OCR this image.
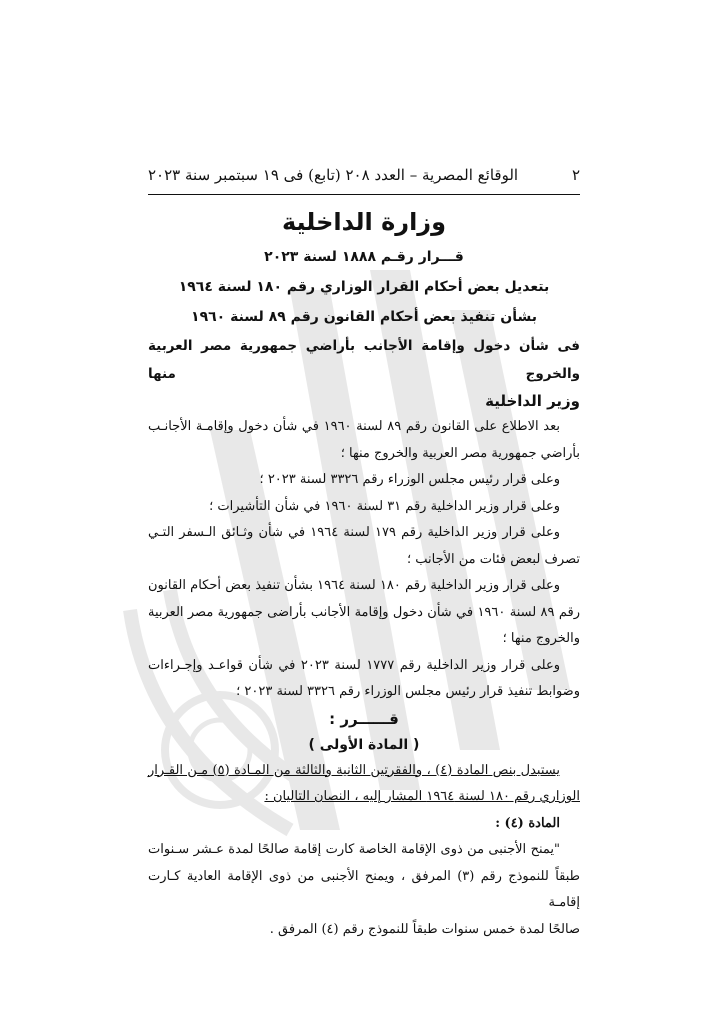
٢
الوقائع المصرية – العدد ٢٠٨ (تابع) فى ١٩ سبتمبر سنة ٢٠٢٣
وزارة الداخلية
قـــرار رقـم ١٨٨٨ لسنة ٢٠٢٣
بتعديل بعض أحكام القرار الوزاري رقم ١٨٠ لسنة ١٩٦٤
بشأن تنفيذ بعض أحكام القانون رقم ٨٩ لسنة ١٩٦٠
فى شأن دخول وإقامة الأجانب بأراضي جمهورية مصر العربية والخروج منها
وزير الداخلية

بعد الاطلاع على القانون رقم ٨٩ لسنة ١٩٦٠ في شأن دخول وإقامـة الأجانـب

بأراضي جمهورية مصر العربية والخروج منها ؛

وعلى قرار رئيس مجلس الوزراء رقم ٣٣٢٦ لسنة ٢٠٢٣ ؛

وعلى قرار وزير الداخلية رقم ٣١ لسنة ١٩٦٠ في شأن التأشيرات ؛

وعلى قرار وزير الداخلية رقم ١٧٩ لسنة ١٩٦٤ في شأن وثـائق الـسفر التـي

تصرف لبعض فئات من الأجانب ؛

وعلى قرار وزير الداخلية رقم ١٨٠ لسنة ١٩٦٤ بشأن تنفيذ بعض أحكام القانون

رقم ٨٩ لسنة ١٩٦٠ في شأن دخول وإقامة الأجانب بأراضى جمهورية مصر العربية

والخروج منها ؛

وعلى قرار وزير الداخلية رقم ١٧٧٧ لسنة ٢٠٢٣ في شأن قواعـد وإجـراءات

وضوابط تنفيذ قرار رئيس مجلس الوزراء رقم ٣٣٢٦ لسنة ٢٠٢٣ ؛

قــــــرر :
( المادة الأولى )

يستبدل بنص المادة (٤) ، والفقرتين الثانية والثالثة من المـادة (٥) مـن القـرار

الوزاري رقم ١٨٠ لسنة ١٩٦٤ المشار إليه ، النصان التاليان :

المادة (٤) :

"يمنح الأجنبى من ذوى الإقامة الخاصة كارت إقامة صالحًا لمدة عـشر سـنوات

طبقاً للنموذج رقم (٣) المرفق ، ويمنح الأجنبى من ذوى الإقامة العادية كـارت إقامـة

صالحًا لمدة خمس سنوات طبقاً للنموذج رقم (٤) المرفق .
